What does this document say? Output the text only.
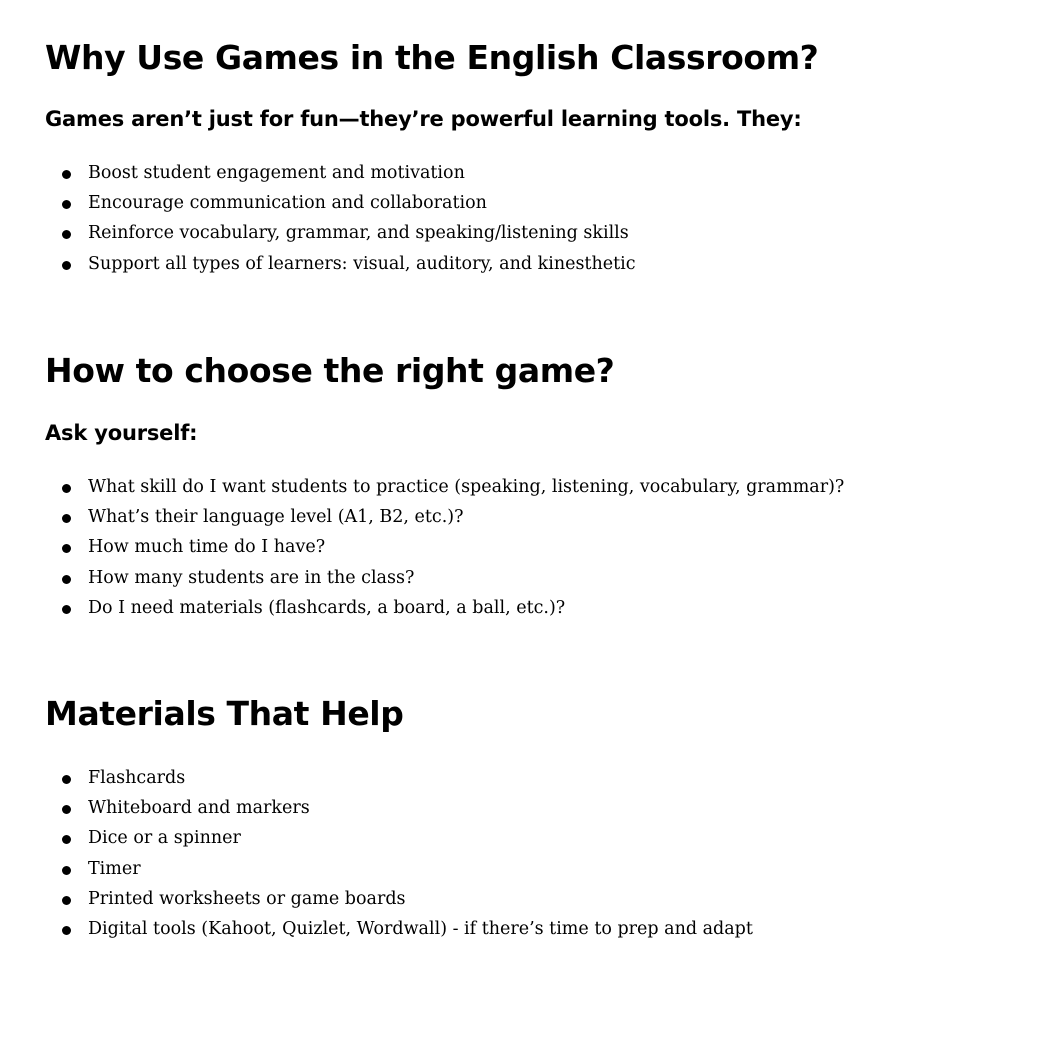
Why Use Games in the English Classroom?
Games aren’t just for fun—they’re powerful learning tools. They:
Boost student engagement and motivation
Encourage communication and collaboration
Reinforce vocabulary, grammar, and speaking/listening skills
Support all types of learners: visual, auditory, and kinesthetic
How to choose the right game?
Ask yourself:
What skill do I want students to practice (speaking, listening, vocabulary, grammar)?
What’s their language level (A1, B2, etc.)?
How much time do I have?
How many students are in the class?
Do I need materials (flashcards, a board, a ball, etc.)?
Materials That Help
Flashcards
Whiteboard and markers
Dice or a spinner
Timer
Printed worksheets or game boards
Digital tools (Kahoot, Quizlet, Wordwall) - if there’s time to prep and adapt
